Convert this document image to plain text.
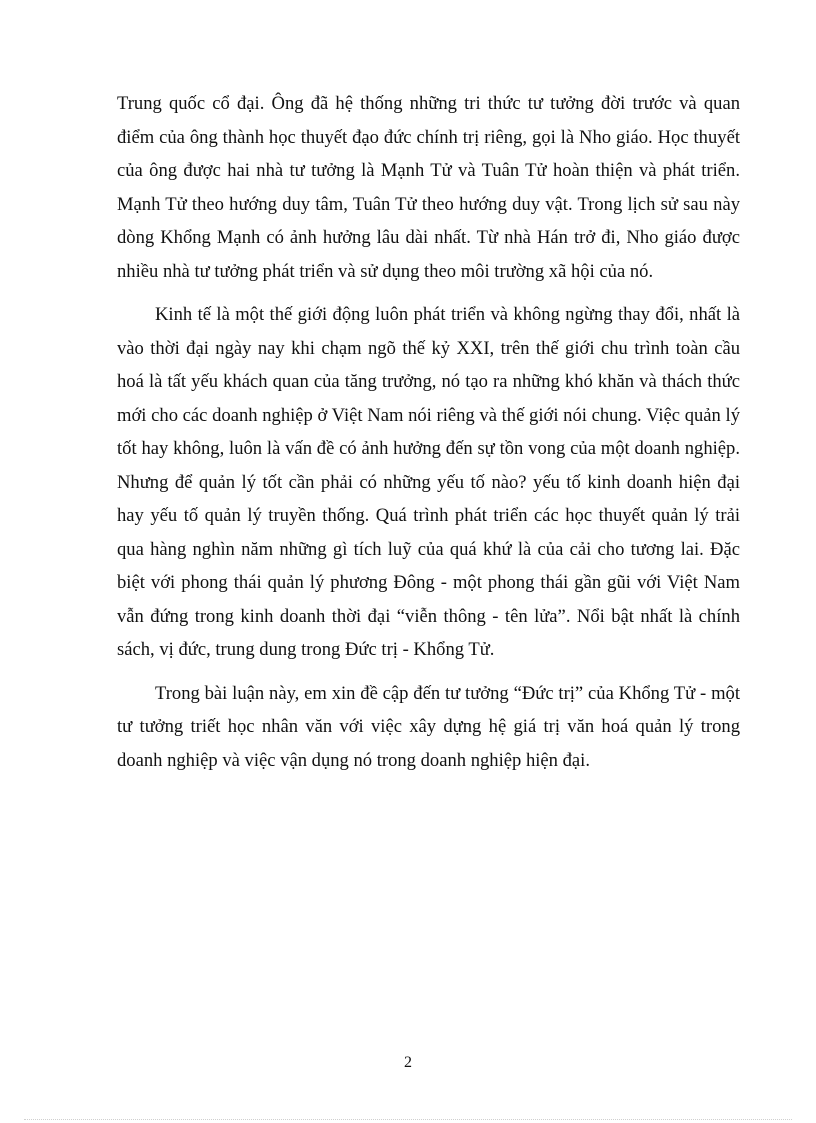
Trung quốc cổ đại. Ông đã hệ thống những tri thức tư tưởng đời trước và quan điểm của ông thành học thuyết đạo đức chính trị riêng, gọi là Nho giáo. Học thuyết của ông được hai nhà tư tưởng là Mạnh Tử và Tuân Tử hoàn thiện và phát triển. Mạnh Tử theo hướng duy tâm, Tuân Tử theo hướng duy vật. Trong lịch sử sau này dòng Khổng Mạnh có ảnh hưởng lâu dài nhất. Từ nhà Hán trở đi, Nho giáo được nhiều nhà tư tưởng phát triển và sử dụng theo môi trường xã hội của nó.

Kinh tế là một thế giới động luôn phát triển và không ngừng thay đổi, nhất là vào thời đại ngày nay khi chạm ngõ thế kỷ XXI, trên thế giới chu trình toàn cầu hoá là tất yếu khách quan của tăng trưởng, nó tạo ra những khó khăn và thách thức mới cho các doanh nghiệp ở Việt Nam nói riêng và thế giới nói chung. Việc quản lý tốt hay không, luôn là vấn đề có ảnh hưởng đến sự tồn vong của một doanh nghiệp. Nhưng để quản lý tốt cần phải có những yếu tố nào? yếu tố kinh doanh hiện đại hay yếu tố quản lý truyền thống. Quá trình phát triển các học thuyết quản lý trải qua hàng nghìn năm những gì tích luỹ của quá khứ là của cải cho tương lai. Đặc biệt với phong thái quản lý phương Đông - một phong thái gần gũi với Việt Nam vẫn đứng trong kinh doanh thời đại “viễn thông - tên lửa”. Nổi bật nhất là chính sách, vị đức, trung dung trong Đức trị - Khổng Tử.

Trong bài luận này, em xin đề cập đến tư tưởng “Đức trị” của Khổng Tử - một tư tưởng triết học nhân văn với việc xây dựng hệ giá trị văn hoá quản lý trong doanh nghiệp và việc vận dụng nó trong doanh nghiệp hiện đại.

2
